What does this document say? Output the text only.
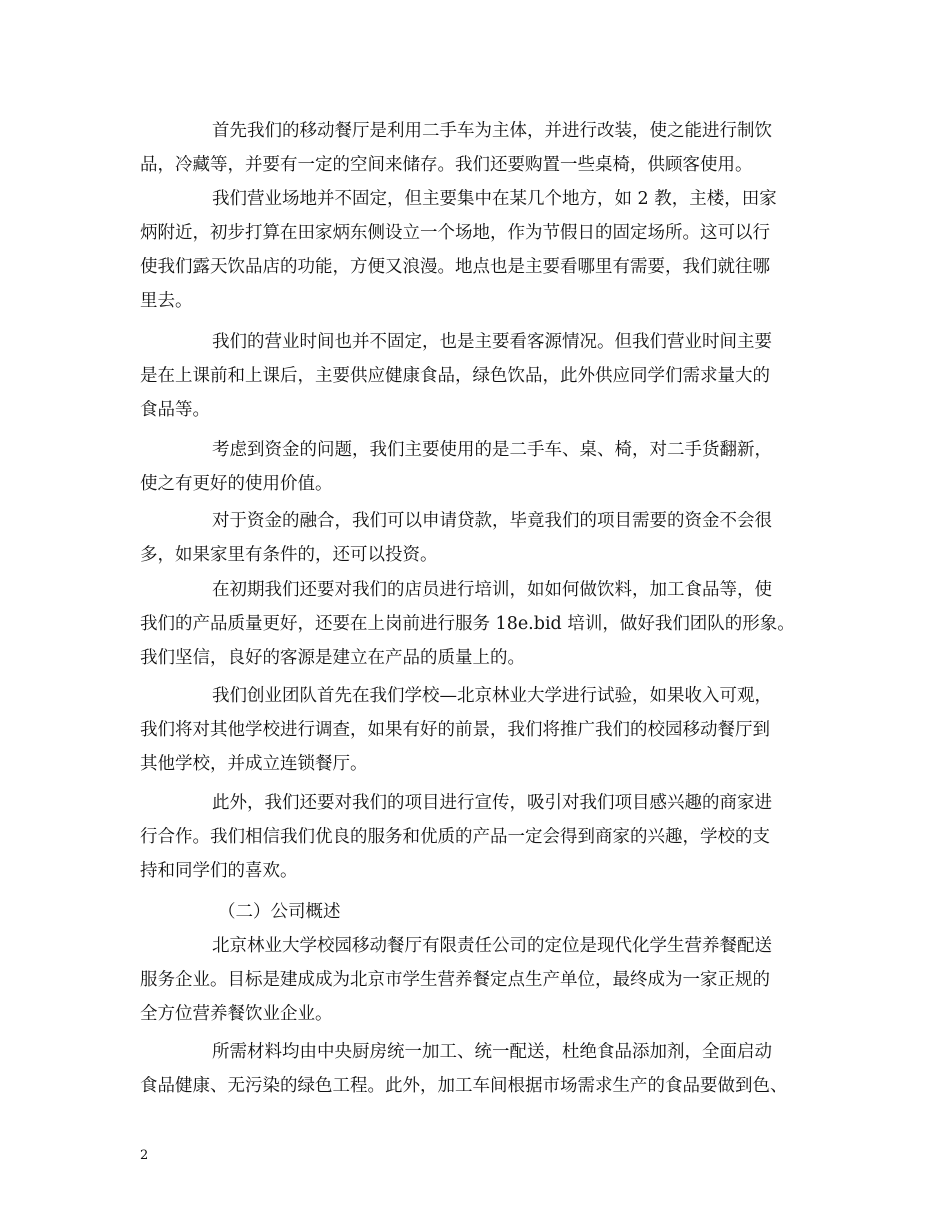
首先我们的移动餐厅是利用二手车为主体，并进行改装，使之能进行制饮
品，冷藏等，并要有一定的空间来储存。我们还要购置一些桌椅，供顾客使用。
我们营业场地并不固定，但主要集中在某几个地方，如 2 教，主楼，田家
炳附近，初步打算在田家炳东侧设立一个场地，作为节假日的固定场所。这可以行
使我们露天饮品店的功能，方便又浪漫。地点也是主要看哪里有需要，我们就往哪
里去。
我们的营业时间也并不固定，也是主要看客源情况。但我们营业时间主要
是在上课前和上课后，主要供应健康食品，绿色饮品，此外供应同学们需求量大的
食品等。
考虑到资金的问题，我们主要使用的是二手车、桌、椅，对二手货翻新，
使之有更好的使用价值。
对于资金的融合，我们可以申请贷款，毕竟我们的项目需要的资金不会很
多，如果家里有条件的，还可以投资。
在初期我们还要对我们的店员进行培训，如如何做饮料，加工食品等，使
我们的产品质量更好，还要在上岗前进行服务 18e.bid 培训，做好我们团队的形象。
我们坚信，良好的客源是建立在产品的质量上的。
我们创业团队首先在我们学校—北京林业大学进行试验，如果收入可观，
我们将对其他学校进行调查，如果有好的前景，我们将推广我们的校园移动餐厅到
其他学校，并成立连锁餐厅。
此外，我们还要对我们的项目进行宣传，吸引对我们项目感兴趣的商家进
行合作。我们相信我们优良的服务和优质的产品一定会得到商家的兴趣，学校的支
持和同学们的喜欢。
（二）公司概述
北京林业大学校园移动餐厅有限责任公司的定位是现代化学生营养餐配送
服务企业。目标是建成成为北京市学生营养餐定点生产单位，最终成为一家正规的
全方位营养餐饮业企业。
所需材料均由中央厨房统一加工、统一配送，杜绝食品添加剂，全面启动
食品健康、无污染的绿色工程。此外，加工车间根据市场需求生产的食品要做到色、
2
